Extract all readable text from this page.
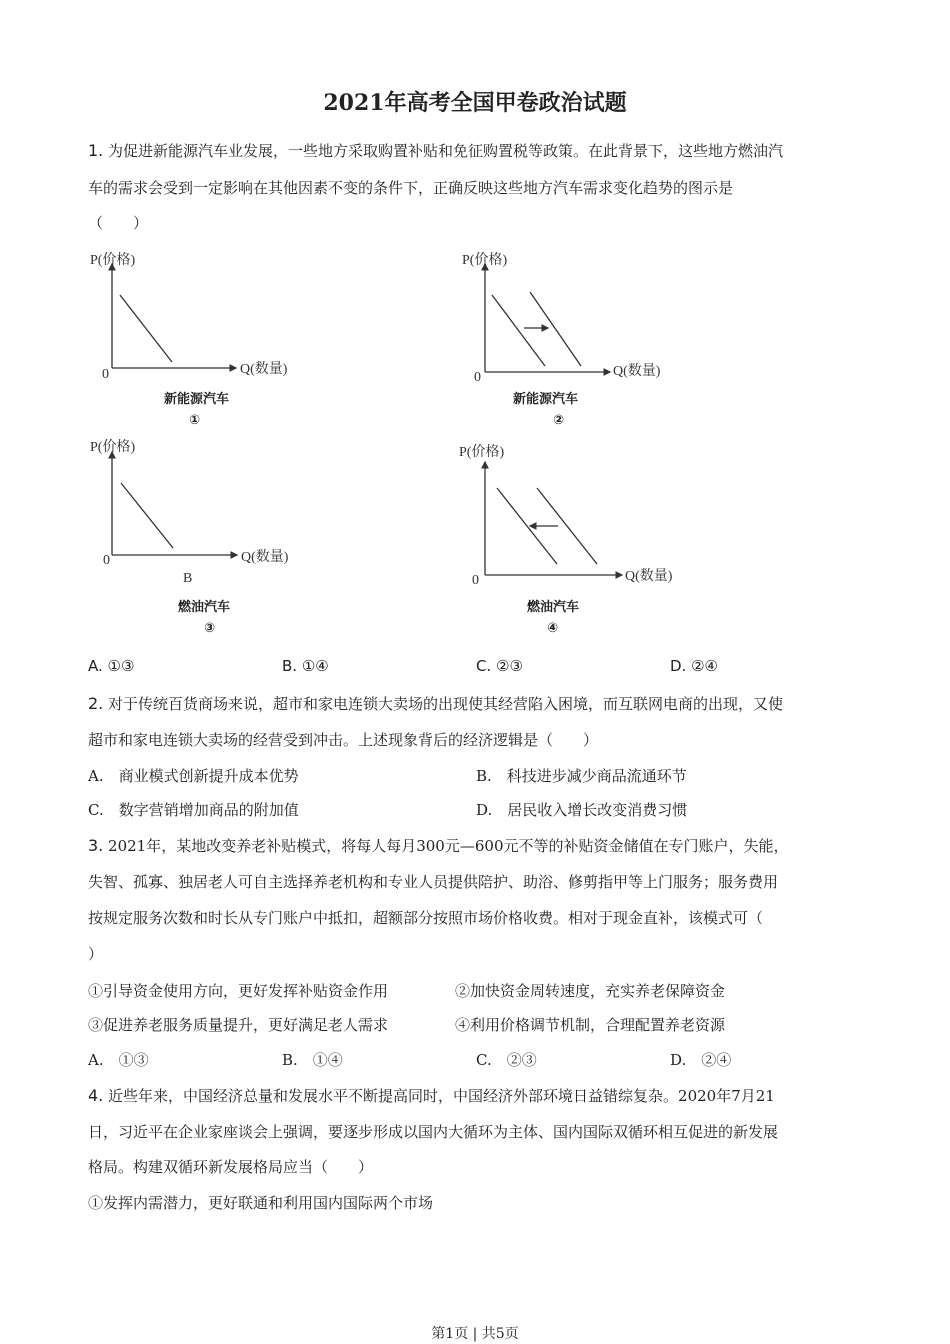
2021年高考全国甲卷政治试题
1. 为促进新能源汽车业发展，一些地方采取购置补贴和免征购置税等政策。在此背景下，这些地方燃油汽
车的需求会受到一定影响在其他因素不变的条件下，正确反映这些地方汽车需求变化趋势的图示是
（　　）
P(价格)
Q(数量)
0
新能源汽车
①
P(价格)
Q(数量)
0
新能源汽车
②
P(价格)
Q(数量)
0
B
燃油汽车
③
P(价格)
Q(数量)
0
燃油汽车
④
A. ①③	B. ①④	C. ②③	D. ②④
2. 对于传统百货商场来说，超市和家电连锁大卖场的出现使其经营陷入困境，而互联网电商的出现，又使
超市和家电连锁大卖场的经营受到冲击。上述现象背后的经济逻辑是（　　）
A.　商业模式创新提升成本优势	B.　科技进步减少商品流通环节
C.　数字营销增加商品的附加值	D.　居民收入增长改变消费习惯
3. 2021年，某地改变养老补贴模式，将每人每月300元—600元不等的补贴资金储值在专门账户，失能，
失智、孤寡、独居老人可自主选择养老机构和专业人员提供陪护、助浴、修剪指甲等上门服务；服务费用
按规定服务次数和时长从专门账户中抵扣，超额部分按照市场价格收费。相对于现金直补，该模式可（
）
①引导资金使用方向，更好发挥补贴资金作用	②加快资金周转速度，充实养老保障资金
③促进养老服务质量提升，更好满足老人需求	④利用价格调节机制，合理配置养老资源
A.　①③	B.　①④	C.　②③	D.　②④
4. 近些年来，中国经济总量和发展水平不断提高同时，中国经济外部环境日益错综复杂。2020年7月21
日，习近平在企业家座谈会上强调，要逐步形成以国内大循环为主体、国内国际双循环相互促进的新发展
格局。构建双循环新发展格局应当（　　）
①发挥内需潜力，更好联通和利用国内国际两个市场
第1页 | 共5页
